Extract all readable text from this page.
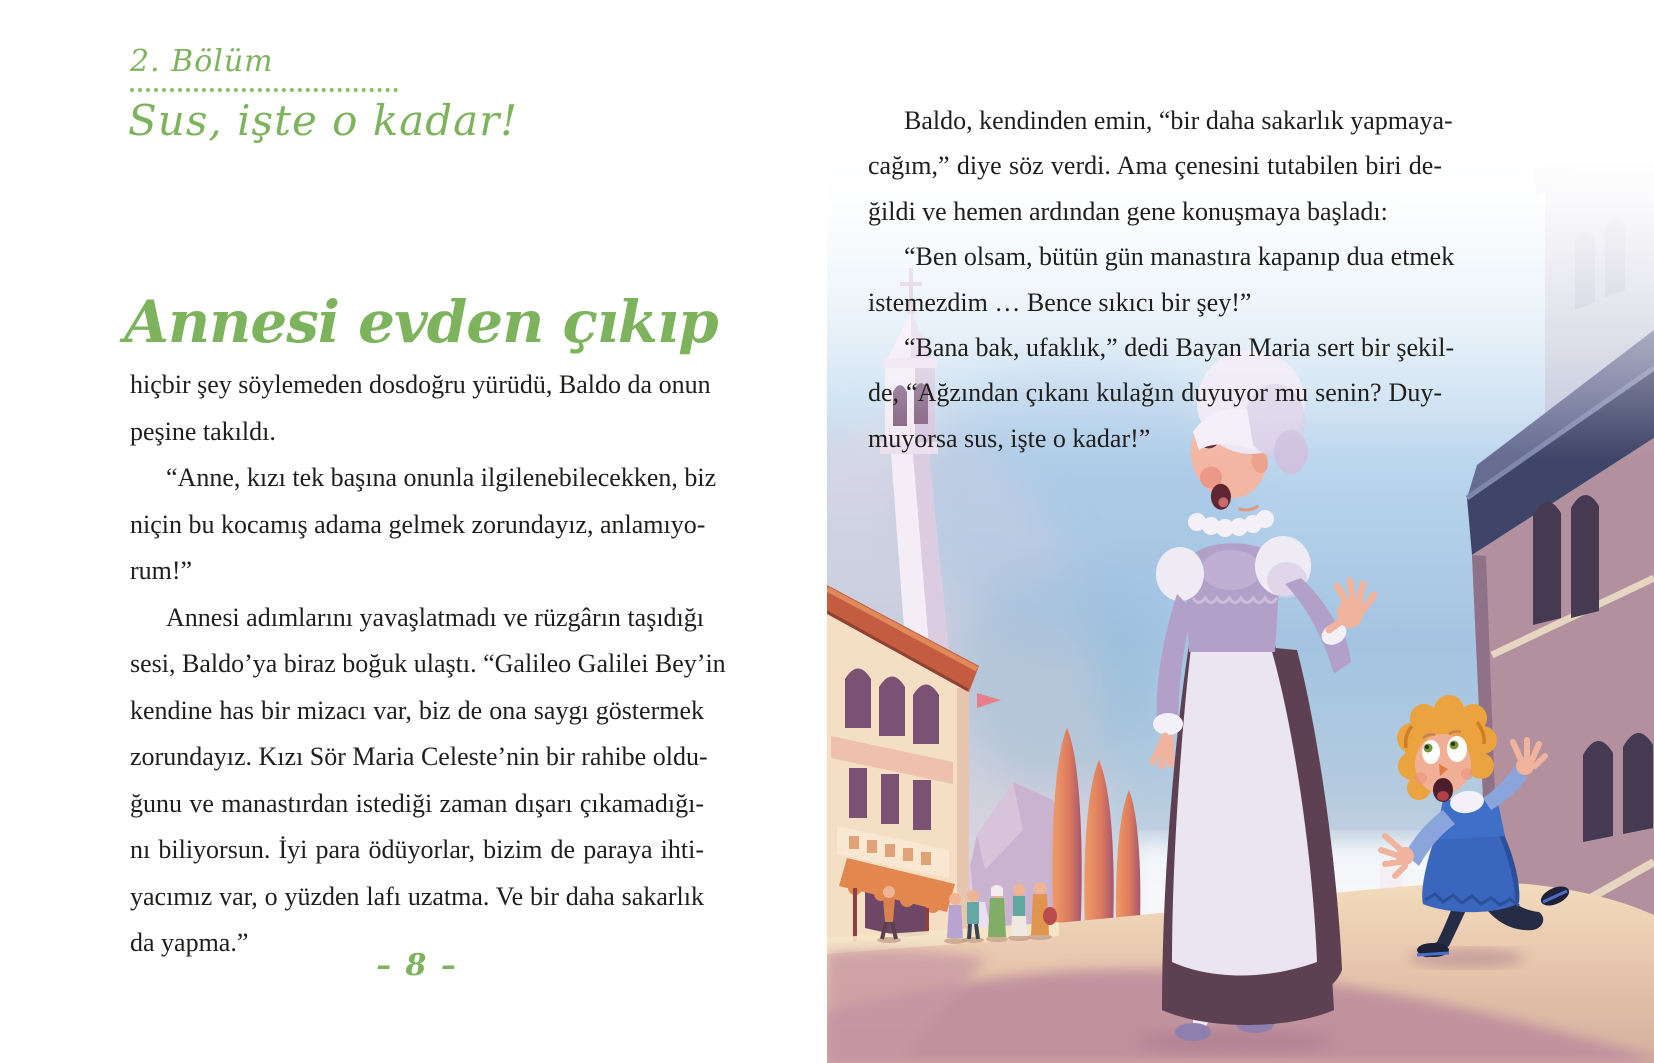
2. Bölüm
Sus, işte o kadar!
Annesi evden çıkıp
hiçbir şey söylemeden dosdoğru yürüdü, Baldo da onun
peşine takıldı.
“Anne, kızı tek başına onunla ilgilenebilecekken, biz
niçin bu kocamış adama gelmek zorundayız, anlamıyo-
rum!”
Annesi adımlarını yavaşlatmadı ve rüzgârın taşıdığı
sesi, Baldo’ya biraz boğuk ulaştı. “Galileo Galilei Bey’in
kendine has bir mizacı var, biz de ona saygı göstermek
zorundayız. Kızı Sör Maria Celeste’nin bir rahibe oldu-
ğunu ve manastırdan istediği zaman dışarı çıkamadığı-
nı biliyorsun. İyi para ödüyorlar, bizim de paraya ihti-
yacımız var, o yüzden lafı uzatma. Ve bir daha sakarlık
da yapma.”
– 8 –
Baldo, kendinden emin, “bir daha sakarlık yapmaya-
cağım,” diye söz verdi. Ama çenesini tutabilen biri de-
ğildi ve hemen ardından gene konuşmaya başladı:
“Ben olsam, bütün gün manastıra kapanıp dua etmek
istemezdim … Bence sıkıcı bir şey!”
“Bana bak, ufaklık,” dedi Bayan Maria sert bir şekil-
de, “Ağzından çıkanı kulağın duyuyor mu senin? Duy-
muyorsa sus, işte o kadar!”
